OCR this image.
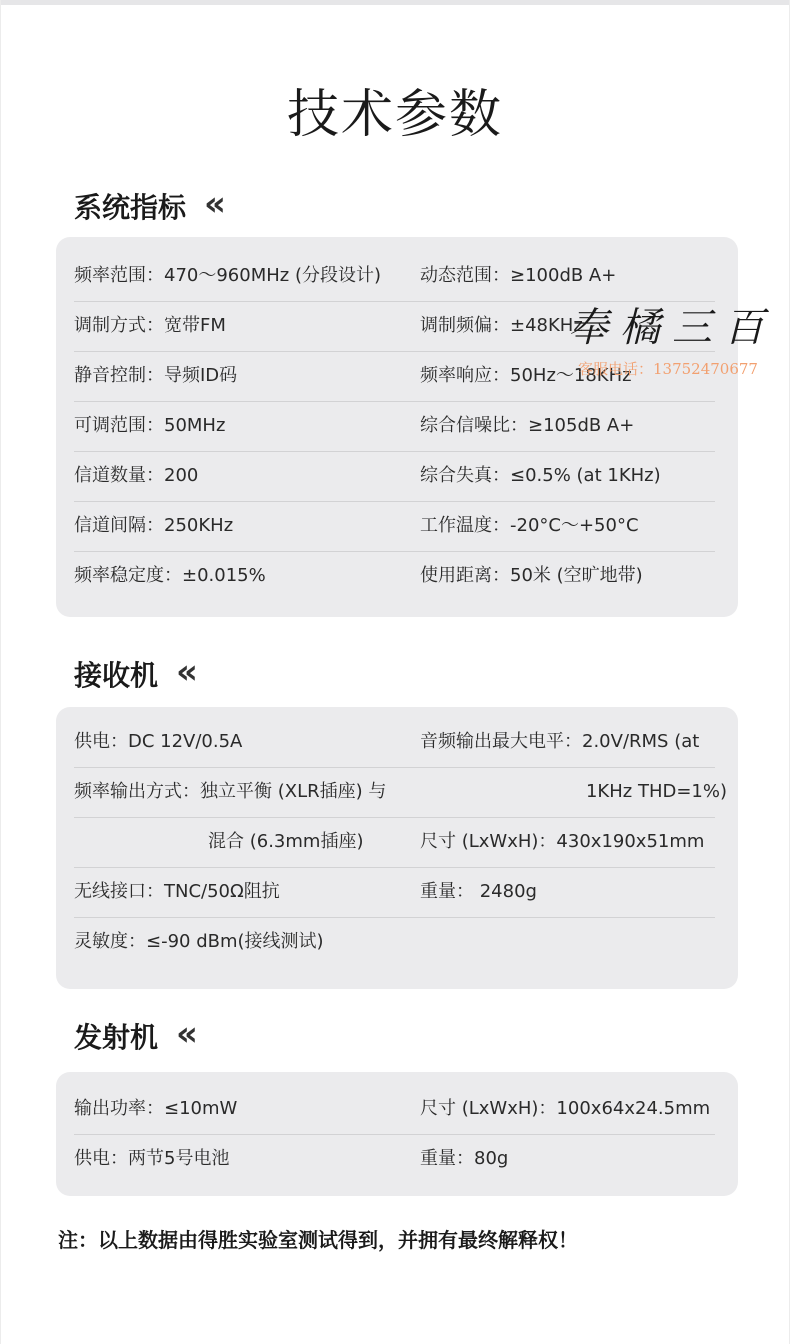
技术参数
系统指标 «
频率范围：470～960MHz (分段设计) 动态范围：≥100dB A+
调制方式：宽带FM	调制频偏：±48KHz
静音控制：导频ID码	频率响应：50Hz～18KHz
可调范围：50MHz	综合信噪比：≥105dB A+
信道数量：200	综合失真：≤0.5% (at 1KHz)
信道间隔：250KHz	工作温度：-20°C～+50°C
频率稳定度：±0.015%	使用距离：50米 (空旷地带)
接收机 «
供电：DC 12V/0.5A	音频输出最大电平：2.0V/RMS (at
频率输出方式：独立平衡 (XLR插座) 与	1KHz THD=1%)
混合 (6.3mm插座)	尺寸 (LxWxH)：430x190x51mm
无线接口：TNC/50Ω阻抗	重量： 2480g
灵敏度：≤-90 dBm(接线测试)
发射机 «
输出功率：≤10mW	尺寸 (LxWxH)：100x64x24.5mm
供电：两节5号电池	重量：80g
注：以上数据由得胜实验室测试得到，并拥有最终解释权！
奉橘三百
客服电话：13752470677
